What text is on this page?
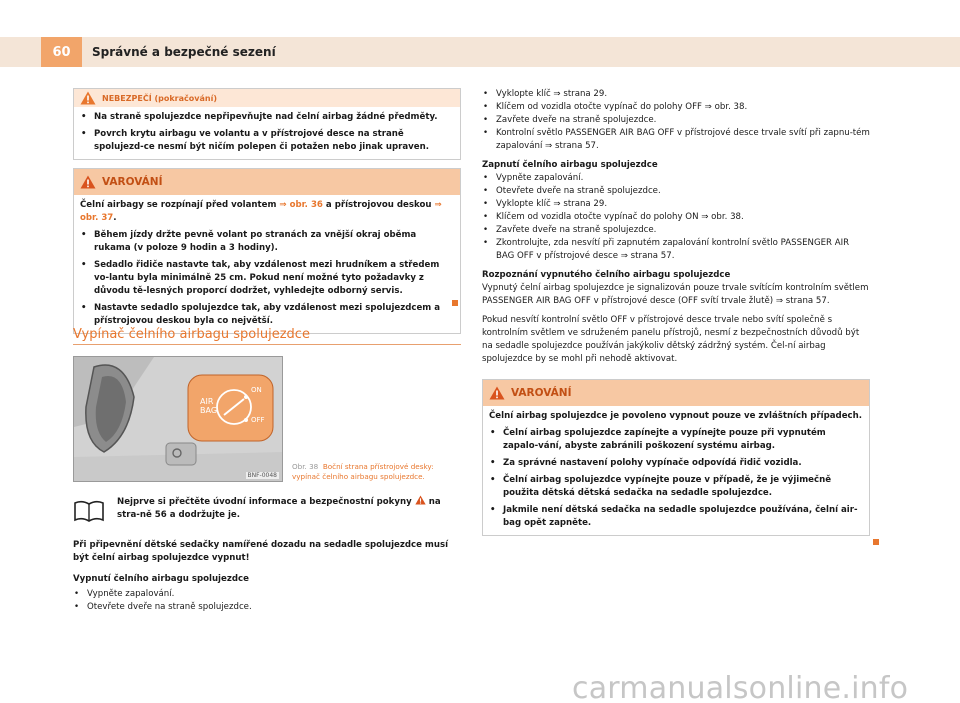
60	Správné a bezpečné sezení
NEBEZPEČÍ (pokračování)

• Na straně spolujezdce nepřipevňujte nad čelní airbag žádné předměty.

• Povrch krytu airbagu ve volantu a v přístrojové desce na straně spolujezd-ce nesmí být ničím polepen či potažen nebo jinak upraven.

VAROVÁNÍ

Čelní airbagy se rozpínají před volantem ⇒ obr. 36 a přístrojovou deskou ⇒ obr. 37.

• Během jízdy držte pevně volant po stranách za vnější okraj oběma rukama (v poloze 9 hodin a 3 hodiny).

• Sedadlo řidiče nastavte tak, aby vzdálenost mezi hrudníkem a středem vo-lantu byla minimálně 25 cm. Pokud není možné tyto požadavky z důvodu tě-lesných proporcí dodržet, vyhledejte odborný servis.

• Nastavte sedadlo spolujezdce tak, aby vzdálenost mezi spolujezdcem a přístrojovou deskou byla co největší.

Vypínač čelního airbagu spolujezdce
AIR
BAG
ON
OFF
BNF-0048
Obr. 38 Boční strana přístrojové desky: vypínač čelního airbagu spolujezdce.

Nejprve si přečtěte úvodní informace a bezpečnostní pokyny na stra-ně 56 a dodržujte je.

Při připevnění dětské sedačky namířené dozadu na sedadle spolujezdce musí být čelní airbag spolujezdce vypnut!

Vypnutí čelního airbagu spolujezdce

• Vypněte zapalování.

• Otevřete dveře na straně spolujezdce.

• Vyklopte klíč ⇒ strana 29.

• Klíčem od vozidla otočte vypínač do polohy OFF ⇒ obr. 38.

• Zavřete dveře na straně spolujezdce.

• Kontrolní světlo PASSENGER AIR BAG OFF v přístrojové desce trvale svítí při zapnu-tém zapalování ⇒ strana 57.

Zapnutí čelního airbagu spolujezdce

• Vypněte zapalování.

• Otevřete dveře na straně spolujezdce.

• Vyklopte klíč ⇒ strana 29.

• Klíčem od vozidla otočte vypínač do polohy ON ⇒ obr. 38.

• Zavřete dveře na straně spolujezdce.

• Zkontrolujte, zda nesvítí při zapnutém zapalování kontrolní světlo PASSENGER AIR BAG OFF v přístrojové desce ⇒ strana 57.

Rozpoznání vypnutého čelního airbagu spolujezdce

Vypnutý čelní airbag spolujezdce je signalizován pouze trvale svítícím kontrolním světlem PASSENGER AIR BAG OFF v přístrojové desce (OFF svítí trvale žlutě) ⇒ strana 57.

Pokud nesvítí kontrolní světlo OFF v přístrojové desce trvale nebo svítí společně s kontrolním světlem ve sdruženém panelu přístrojů, nesmí z bezpečnostních důvodů být na sedadle spolujezdce používán jakýkoliv dětský zádržný systém. Čel-ní airbag spolujezdce by se mohl při nehodě aktivovat.

VAROVÁNÍ

Čelní airbag spolujezdce je povoleno vypnout pouze ve zvláštních případech.

• Čelní airbag spolujezdce zapínejte a vypínejte pouze při vypnutém zapalo-vání, abyste zabránili poškození systému airbag.

• Za správné nastavení polohy vypínače odpovídá řidič vozidla.

• Čelní airbag spolujezdce vypínejte pouze v případě, že je výjimečně použita dětská dětská sedačka na sedadle spolujezdce.

• Jakmile není dětská sedačka na sedadle spolujezdce používána, čelní air-bag opět zapněte.

carmanualsonline.info
